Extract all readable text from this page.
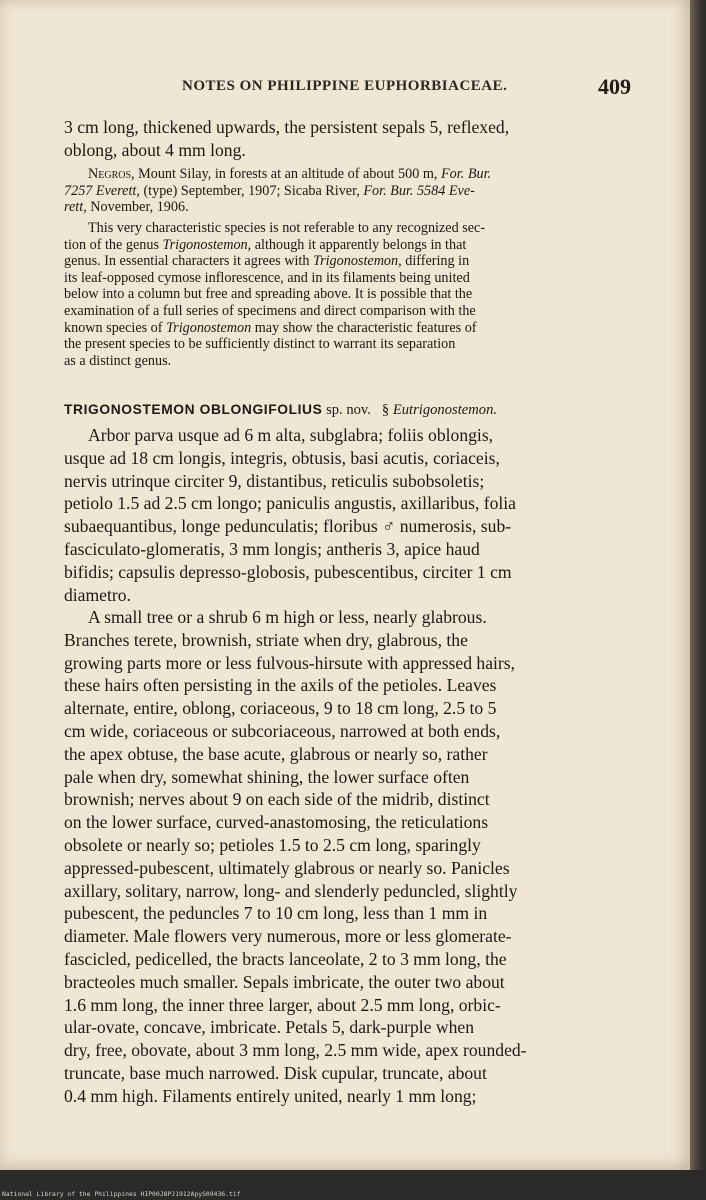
NOTES ON PHILIPPINE EUPHORBIACEAE.	409
3 cm long, thickened upwards, the persistent sepals 5, reflexed,
oblong, about 4 mm long.
Negros, Mount Silay, in forests at an altitude of about 500 m, For. Bur.
7257 Everett, (type) September, 1907; Sicaba River, For. Bur. 5584 Eve-
rett, November, 1906.
This very characteristic species is not referable to any recognized sec-
tion of the genus Trigonostemon, although it apparently belongs in that
genus. In essential characters it agrees with Trigonostemon, differing in
its leaf-opposed cymose inflorescence, and in its filaments being united
below into a column but free and spreading above. It is possible that the
examination of a full series of specimens and direct comparison with the
known species of Trigonostemon may show the characteristic features of
the present species to be sufficiently distinct to warrant its separation
as a distinct genus.
TRIGONOSTEMON OBLONGIFOLIUS sp. nov. § Eutrigonostemon.
Arbor parva usque ad 6 m alta, subglabra; foliis oblongis,
usque ad 18 cm longis, integris, obtusis, basi acutis, coriaceis,
nervis utrinque circiter 9, distantibus, reticulis subobsoletis;
petiolo 1.5 ad 2.5 cm longo; paniculis angustis, axillaribus, folia
subaequantibus, longe pedunculatis; floribus ♂ numerosis, sub-
fasciculato-glomeratis, 3 mm longis; antheris 3, apice haud
bifidis; capsulis depresso-globosis, pubescentibus, circiter 1 cm
diametro.
A small tree or a shrub 6 m high or less, nearly glabrous.
Branches terete, brownish, striate when dry, glabrous, the
growing parts more or less fulvous-hirsute with appressed hairs,
these hairs often persisting in the axils of the petioles. Leaves
alternate, entire, oblong, coriaceous, 9 to 18 cm long, 2.5 to 5
cm wide, coriaceous or subcoriaceous, narrowed at both ends,
the apex obtuse, the base acute, glabrous or nearly so, rather
pale when dry, somewhat shining, the lower surface often
brownish; nerves about 9 on each side of the midrib, distinct
on the lower surface, curved-anastomosing, the reticulations
obsolete or nearly so; petioles 1.5 to 2.5 cm long, sparingly
appressed-pubescent, ultimately glabrous or nearly so. Panicles
axillary, solitary, narrow, long- and slenderly peduncled, slightly
pubescent, the peduncles 7 to 10 cm long, less than 1 mm in
diameter. Male flowers very numerous, more or less glomerate-
fascicled, pedicelled, the bracts lanceolate, 2 to 3 mm long, the
bracteoles much smaller. Sepals imbricate, the outer two about
1.6 mm long, the inner three larger, about 2.5 mm long, orbic-
ular-ovate, concave, imbricate. Petals 5, dark-purple when
dry, free, obovate, about 3 mm long, 2.5 mm wide, apex rounded-
truncate, base much narrowed. Disk cupular, truncate, about
0.4 mm high. Filaments entirely united, nearly 1 mm long;
National Library of the Philippines HIP00J8PJ1912ApyS09436.tif
